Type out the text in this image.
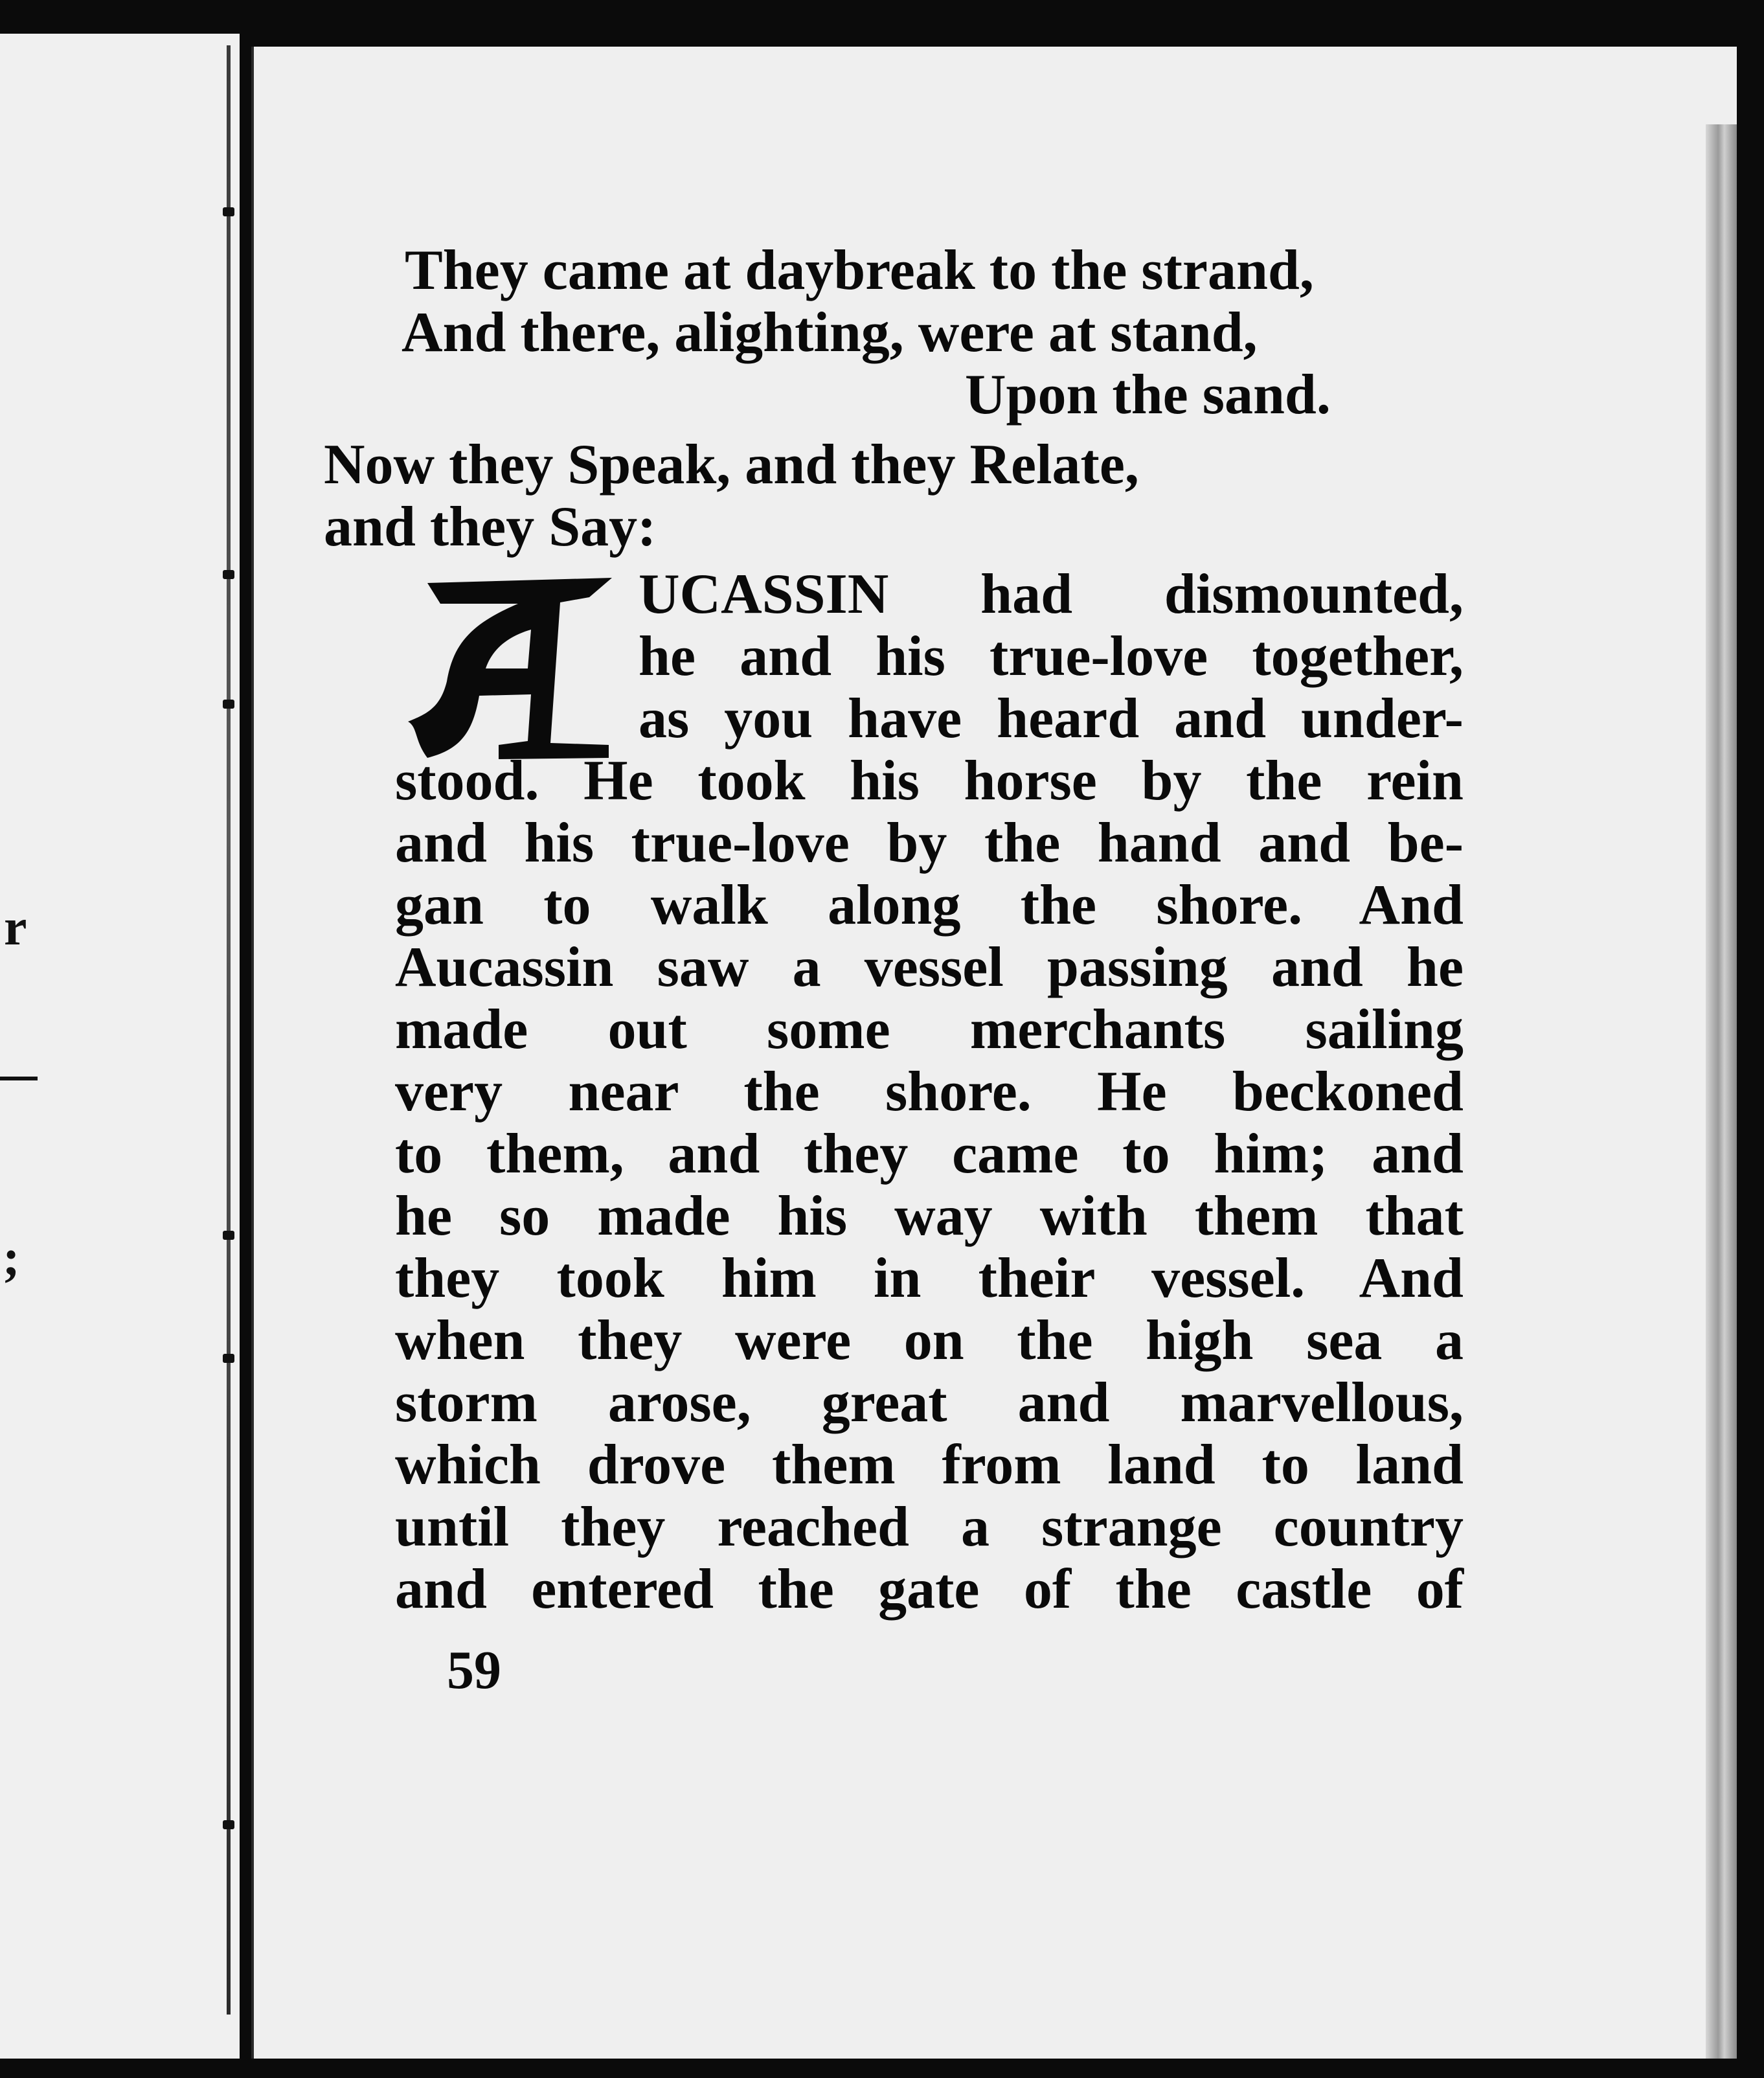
r
;
They came at daybreak to the strand,
And there, alighting, were at stand,
Upon the sand.
Now they Speak, and they Relate,
and they Say:
UCASSIN had dismounted,
he and his true-love together,
as you have heard and under-
stood. He took his horse by the rein
and his true-love by the hand and be-
gan to walk along the shore. And
Aucassin saw a vessel passing and he
made out some merchants sailing
very near the shore. He beckoned
to them, and they came to him; and
he so made his way with them that
they took him in their vessel. And
when they were on the high sea a
storm arose, great and marvellous,
which drove them from land to land
until they reached a strange country
and entered the gate of the castle of
59
